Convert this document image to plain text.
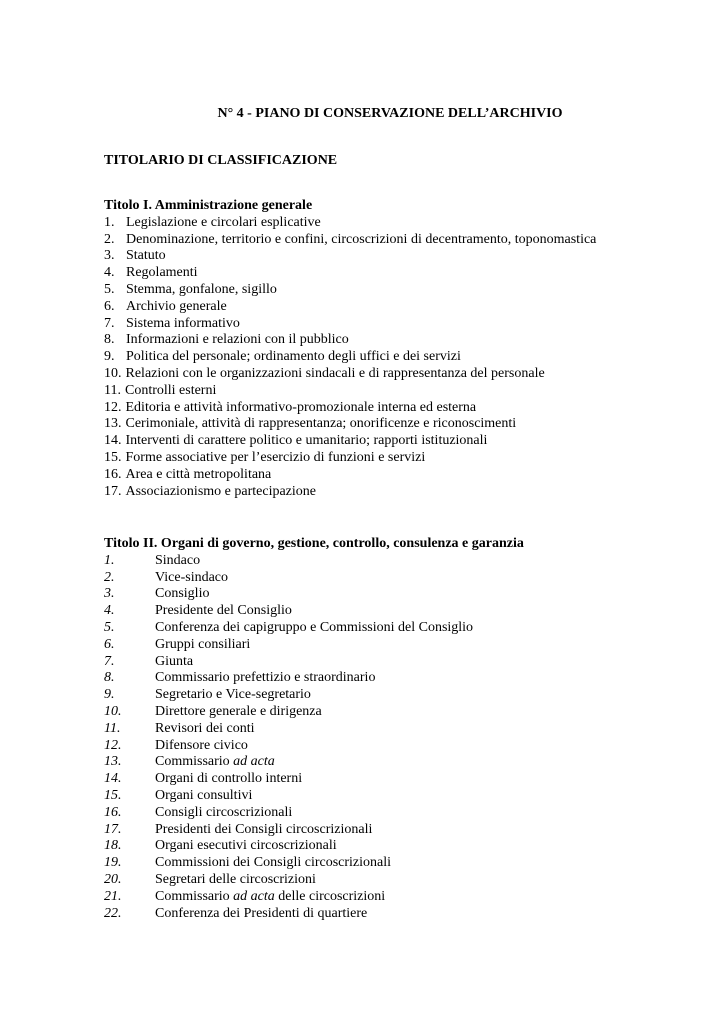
N° 4 - PIANO DI CONSERVAZIONE DELL’ARCHIVIO
TITOLARIO DI CLASSIFICAZIONE
Titolo I. Amministrazione generale
1. Legislazione e circolari esplicative
2. Denominazione, territorio e confini, circoscrizioni di decentramento, toponomastica
3. Statuto
4. Regolamenti
5. Stemma, gonfalone, sigillo
6. Archivio generale
7. Sistema informativo
8. Informazioni e relazioni con il pubblico
9. Politica del personale; ordinamento degli uffici e dei servizi
10. Relazioni con le organizzazioni sindacali e di rappresentanza del personale
11. Controlli esterni
12. Editoria e attività informativo-promozionale interna ed esterna
13. Cerimoniale, attività di rappresentanza; onorificenze e riconoscimenti
14. Interventi di carattere politico e umanitario; rapporti istituzionali
15. Forme associative per l’esercizio di funzioni e servizi
16. Area e città metropolitana
17. Associazionismo e partecipazione
Titolo II. Organi di governo, gestione, controllo, consulenza e garanzia
1.	Sindaco
2.	Vice-sindaco
3.	Consiglio
4.	Presidente del Consiglio
5.	Conferenza dei capigruppo e Commissioni del Consiglio
6.	Gruppi consiliari
7.	Giunta
8.	Commissario prefettizio e straordinario
9.	Segretario e Vice-segretario
10.	Direttore generale e dirigenza
11.	Revisori dei conti
12.	Difensore civico
13.	Commissario ad acta
14.	Organi di controllo interni
15.	Organi consultivi
16.	Consigli circoscrizionali
17.	Presidenti dei Consigli circoscrizionali
18.	Organi esecutivi circoscrizionali
19.	Commissioni dei Consigli circoscrizionali
20.	Segretari delle circoscrizioni
21.	Commissario ad acta delle circoscrizioni
22.	Conferenza dei Presidenti di quartiere
